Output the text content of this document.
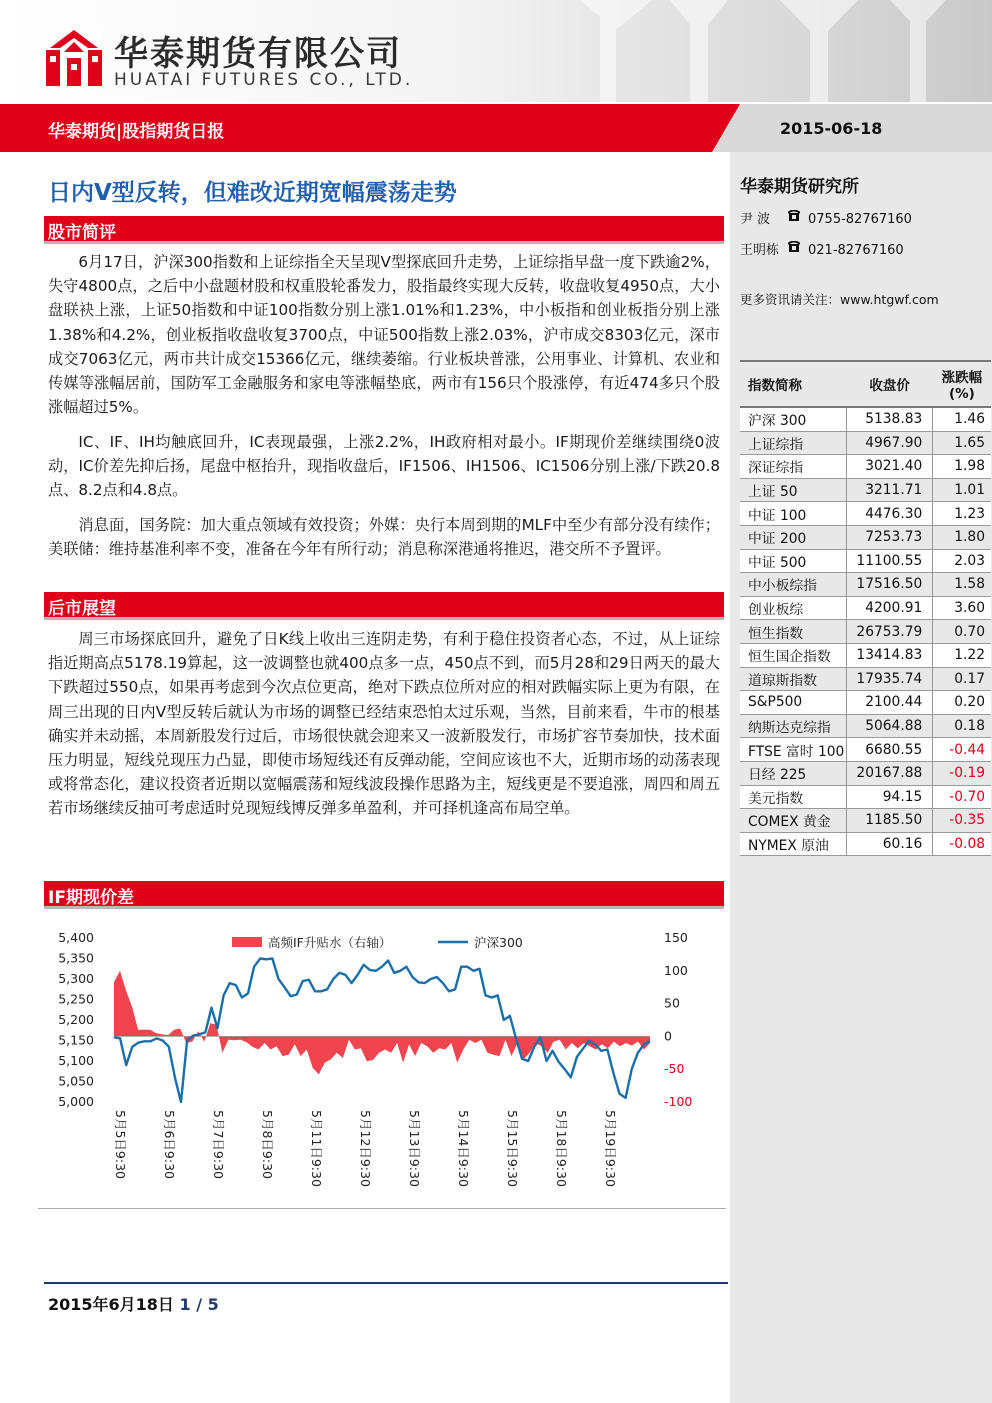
华泰期货有限公司
HUATAI FUTURES CO., LTD.
华泰期货|股指期货日报	2015-06-18
华泰期货研究所
尹 波	0755-82767160
王明栋 021-82767160
更多资讯请关注：www.htgwf.com
指数简称	收盘价	涨跌幅
(%)
沪深 300	5138.83	1.46
上证综指	4967.90	1.65
深证综指	3021.40	1.98
上证 50	3211.71	1.01
中证 100	4476.30	1.23
中证 200	7253.73	1.80
中证 500	11100.55	2.03
中小板综指	17516.50	1.58
创业板综	4200.91	3.60
恒生指数	26753.79	0.70
恒生国企指数	13414.83	1.22
道琼斯指数	17935.74	0.17
S&P500	2100.44	0.20
纳斯达克综指	5064.88	0.18
FTSE 富时 100	6680.55	-0.44
日经 225	20167.88	-0.19
美元指数	94.15	-0.70
COMEX 黄金	1185.50	-0.35
NYMEX 原油	60.16	-0.08
日内V型反转，但难改近期宽幅震荡走势
股市简评
6月17日，沪深300指数和上证综指全天呈现V型探底回升走势，上证综指早盘一度下跌逾2%，失守4800点，之后中小盘题材股和权重股轮番发力，股指最终实现大反转，收盘收复4950点，大小盘联袂上涨，上证50指数和中证100指数分别上涨1.01%和1.23%，中小板指和创业板指分别上涨1.38%和4.2%，创业板指收盘收复3700点，中证500指数上涨2.03%，沪市成交8303亿元，深市成交7063亿元，两市共计成交15366亿元，继续萎缩。行业板块普涨，公用事业、计算机、农业和传媒等涨幅居前，国防军工金融服务和家电等涨幅垫底，两市有156只个股涨停，有近474多只个股涨幅超过5%。
IC、IF、IH均触底回升，IC表现最强，上涨2.2%，IH政府相对最小。IF期现价差继续围绕0波动，IC价差先抑后扬，尾盘中枢抬升，现指收盘后，IF1506、IH1506、IC1506分别上涨/下跌20.8点、8.2点和4.8点。
消息面，国务院：加大重点领域有效投资；外媒：央行本周到期的MLF中至少有部分没有续作；美联储：维持基准利率不变，准备在今年有所行动；消息称深港通将推迟，港交所不予置评。
后市展望
周三市场探底回升，避免了日K线上收出三连阴走势，有利于稳住投资者心态，不过，从上证综指近期高点5178.19算起，这一波调整也就400点多一点，450点不到，而5月28和29日两天的最大下跌超过550点，如果再考虑到今次点位更高，绝对下跌点位所对应的相对跌幅实际上更为有限，在周三出现的日内V型反转后就认为市场的调整已经结束恐怕太过乐观，当然，目前来看，牛市的根基确实并未动摇，本周新股发行过后，市场很快就会迎来又一波新股发行，市场扩容节奏加快，技术面压力明显，短线兑现压力凸显，即使市场短线还有反弹动能，空间应该也不大，近期市场的动荡表现或将常态化，建议投资者近期以宽幅震荡和短线波段操作思路为主，短线更是不要追涨，周四和周五若市场继续反抽可考虑适时兑现短线博反弹多单盈利，并可择机逢高布局空单。
IF期现价差
5,000
5,050
5,100
5,150
5,200
5,250
5,300
5,350
5,400
-100
-50
0
50
100
150
5月5日9:30	5月6日9:30	5月7日9:30	5月8日9:30	5月11日9:30	5月12日9:30	5月13日9:30	5月14日9:30	5月15日9:30	5月18日9:30	5月19日9:30
高频IF升贴水（右轴）	沪深300
2015年6月18日 1 / 5
